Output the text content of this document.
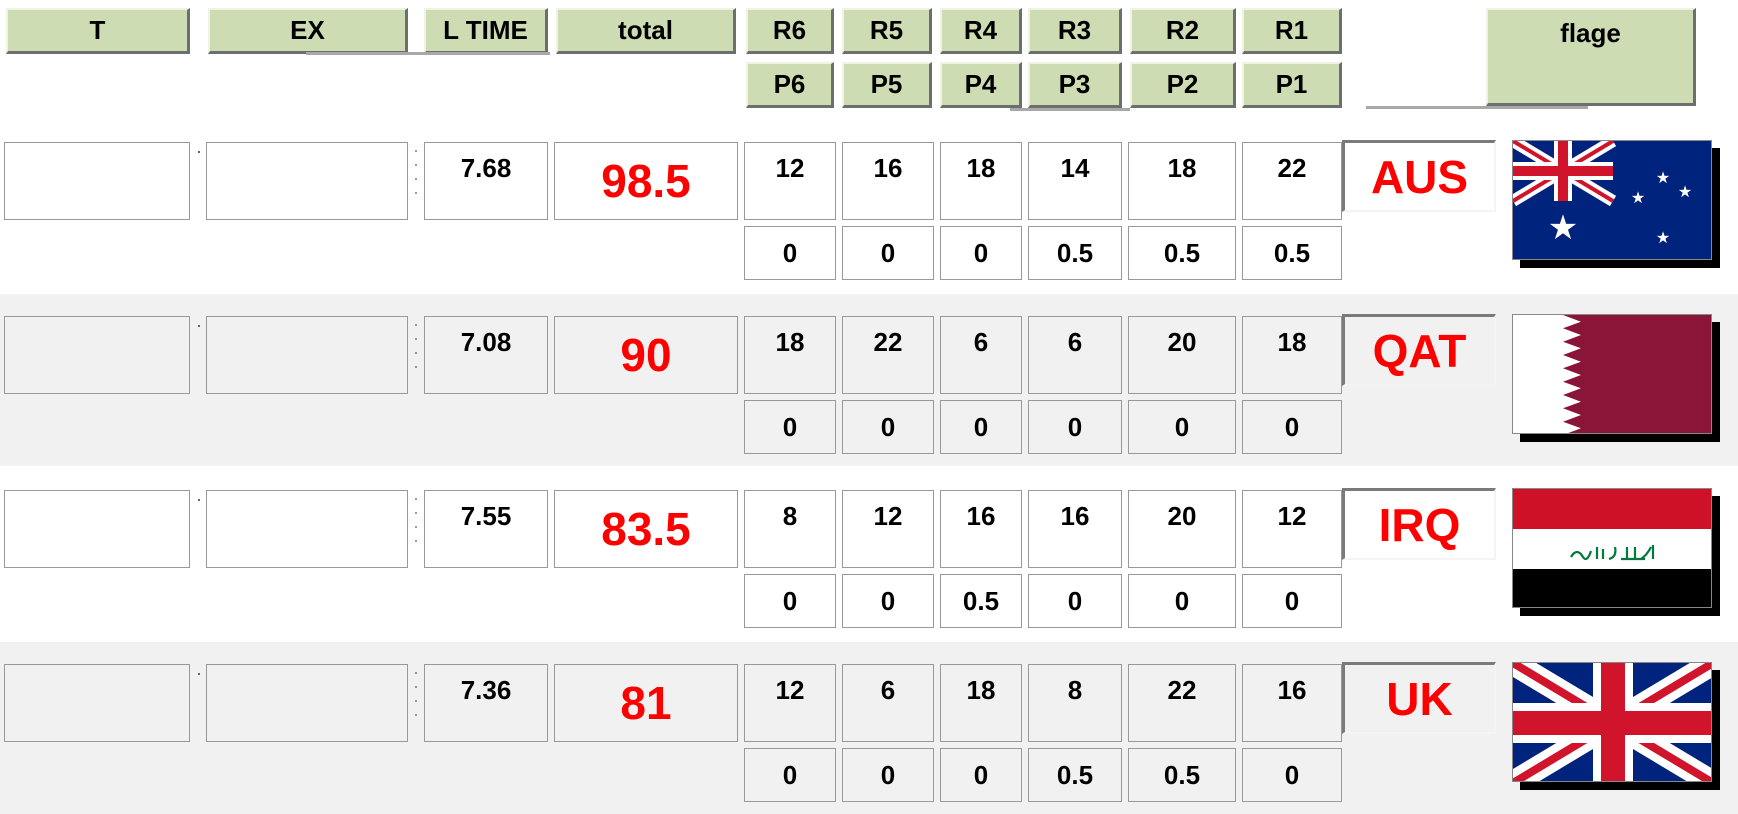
T	EX	L TIME	total	R6	R5	R4	R3	R2	R1	flage
P6	P5	P4	P3	P2	P1
7.68	98.5	12	16	18	14	18	22	AUS
0	0	0	0.5	0.5	0.5
★
★
★ ★
★
7.08	90	18	22	6	6	20	18	QAT
0	0	0	0	0	0
7.55	83.5	8	12	16	16	20	12	IRQ
0	0	0.5	0	0	0
7.36	81	12	6	18	8	22	16	UK
0	0	0	0.5	0.5	0
